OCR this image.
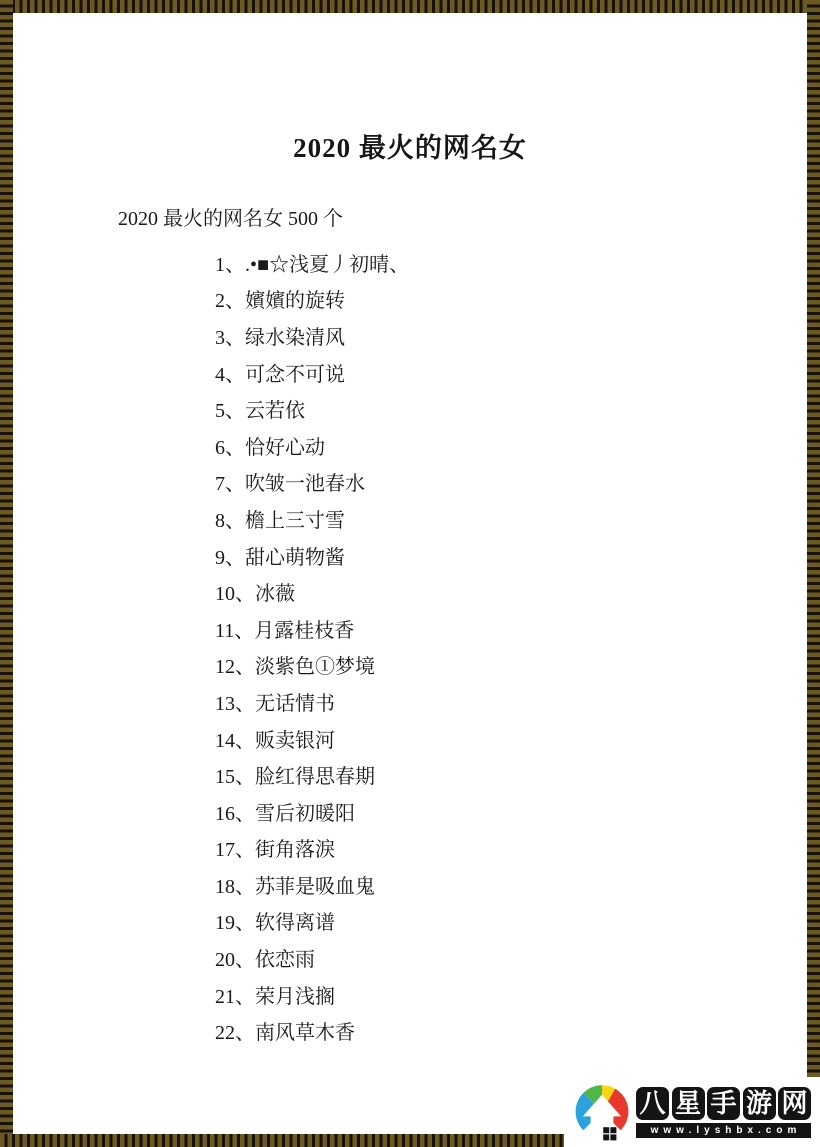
2020 最火的网名女

2020 最火的网名女 500 个

1、.•■☆浅夏丿初晴、
2、嬪嬪的旋转
3、绿水染清风
4、可念不可说
5、云若依
6、恰好心动
7、吹皱一池春水
8、檐上三寸雪
9、甜心萌物酱
10、冰薇
11、月露桂枝香
12、淡紫色①梦境
13、无话情书
14、贩卖银河
15、脸红得思春期
16、雪后初暖阳
17、街角落淚
18、苏菲是吸血鬼
19、软得离谱
20、依恋雨
21、荣月浅搁
22、南风草木香
八 星 手 游 网
www.lyshbx.com
